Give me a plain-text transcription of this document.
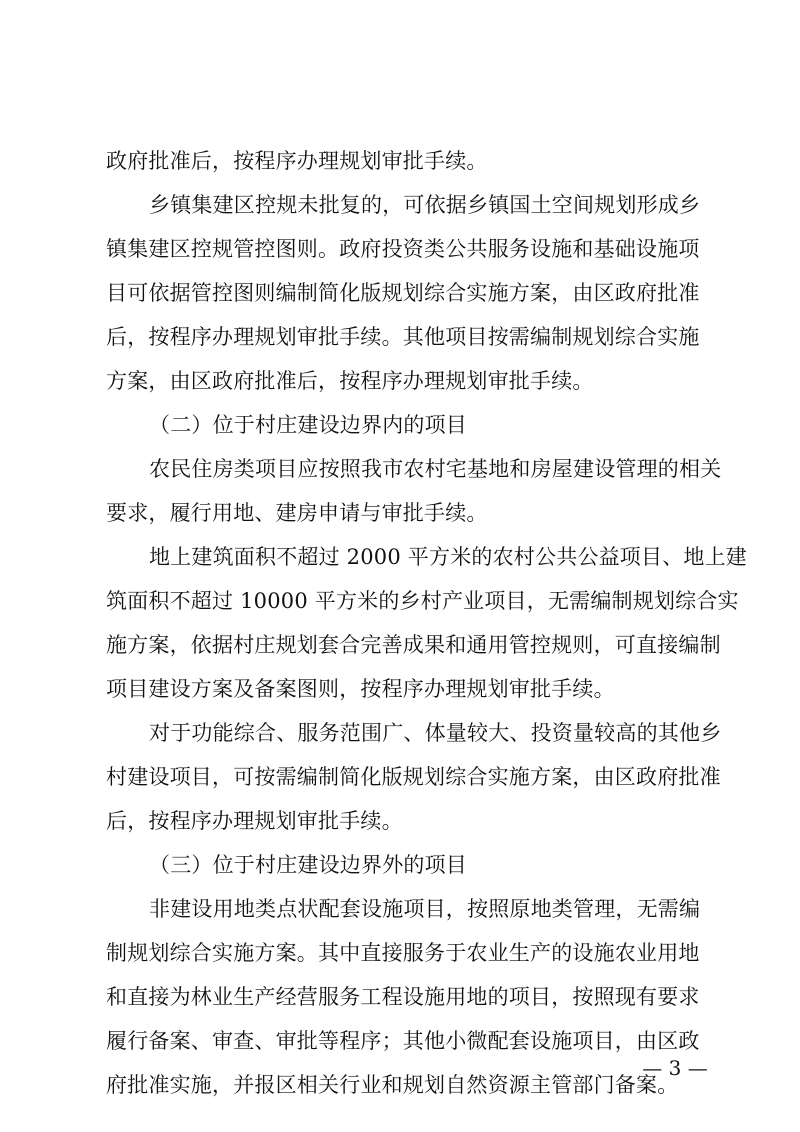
政府批准后，按程序办理规划审批手续。
乡镇集建区控规未批复的，可依据乡镇国土空间规划形成乡
镇集建区控规管控图则。政府投资类公共服务设施和基础设施项
目可依据管控图则编制简化版规划综合实施方案，由区政府批准
后，按程序办理规划审批手续。其他项目按需编制规划综合实施
方案，由区政府批准后，按程序办理规划审批手续。
（二）位于村庄建设边界内的项目
农民住房类项目应按照我市农村宅基地和房屋建设管理的相关
要求，履行用地、建房申请与审批手续。
地上建筑面积不超过 2000 平方米的农村公共公益项目、地上建
筑面积不超过 10000 平方米的乡村产业项目，无需编制规划综合实
施方案，依据村庄规划套合完善成果和通用管控规则，可直接编制
项目建设方案及备案图则，按程序办理规划审批手续。
对于功能综合、服务范围广、体量较大、投资量较高的其他乡
村建设项目，可按需编制简化版规划综合实施方案，由区政府批准
后，按程序办理规划审批手续。
（三）位于村庄建设边界外的项目
非建设用地类点状配套设施项目，按照原地类管理，无需编
制规划综合实施方案。其中直接服务于农业生产的设施农业用地
和直接为林业生产经营服务工程设施用地的项目，按照现有要求
履行备案、审查、审批等程序；其他小微配套设施项目，由区政
府批准实施，并报区相关行业和规划自然资源主管部门备案。
— 3 —
